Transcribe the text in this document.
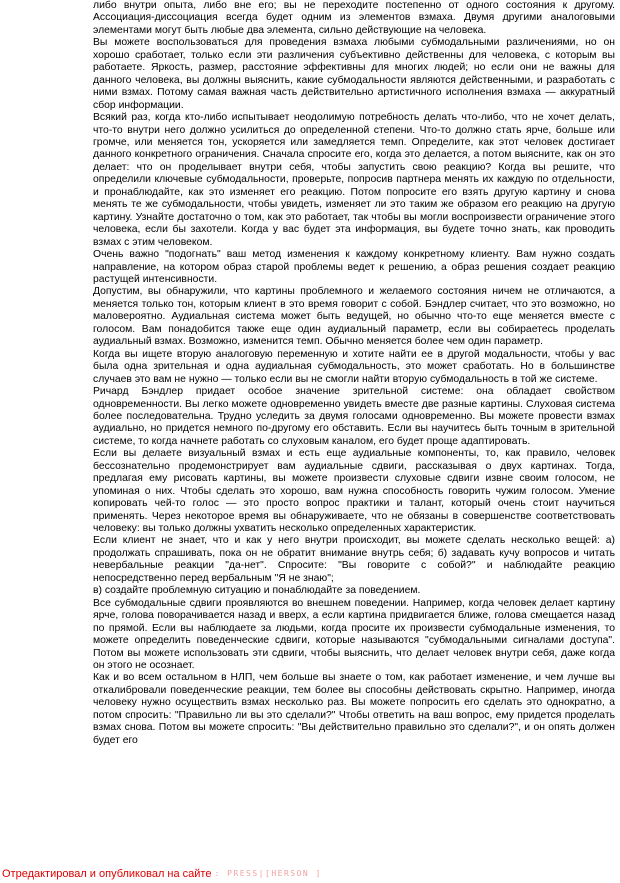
либо внутри опыта, либо вне его; вы не переходите постепенно от одного состояния к другому. Ассоциация-диссоциация всегда будет одним из элементов взмаха. Двумя другими аналоговыми элементами могут быть любые два элемента, сильно действующие на человека.

Вы можете воспользоваться для проведения взмаха любыми субмодальными различениями, но он хорошо сработает, только если эти различения субъективно действенны для человека, с которым вы работаете. Яркость, размер, расстояние эффективны для многих людей; но если они не важны для данного человека, вы должны выяснить, какие субмодальности являются действенными, и разработать с ними взмах. Потому самая важная часть действительно артистичного исполнения взмаха — аккуратный сбор информации.

Всякий раз, когда кто-либо испытывает неодолимую потребность делать что-либо, что не хочет делать, что-то внутри него должно усилиться до определенной степени. Что-то должно стать ярче, больше или громче, или меняется тон, ускоряется или замедляется темп. Определите, как этот человек достигает данного конкретного ограничения. Сначала спросите его, когда это делается, а потом выясните, как он это делает: что он проделывает внутри себя, чтобы запустить свою реакцию? Когда вы решите, что определили ключевые субмодальности, проверьте, попросив партнера менять их каждую по отдельности, и пронаблюдайте, как это изменяет его реакцию. Потом попросите его взять другую картину и снова менять те же субмодальности, чтобы увидеть, изменяет ли это таким же образом его реакцию на другую картину. Узнайте достаточно о том, как это работает, так чтобы вы могли воспроизвести ограничение этого человека, если бы захотели. Когда у вас будет эта информация, вы будете точно знать, как проводить взмах с этим человеком.

Очень важно "подогнать" ваш метод изменения к каждому конкретному клиенту. Вам нужно создать направление, на котором образ старой проблемы ведет к решению, а образ решения создает реакцию растущей интенсивности.

Допустим, вы обнаружили, что картины проблемного и желаемого состояния ничем не отличаются, а меняется только тон, которым клиент в это время говорит с собой. Бэндлер считает, что это возможно, но маловероятно. Аудиальная система может быть ведущей, но обычно что-то еще меняется вместе с голосом. Вам понадобится также еще один аудиальный параметр, если вы собираетесь проделать аудиальный взмах. Возможно, изменится темп. Обычно меняется более чем один параметр.

Когда вы ищете вторую аналоговую переменную и хотите найти ее в другой модальности, чтобы у вас была одна зрительная и одна аудиальная субмодальность, это может сработать. Но в большинстве случаев это вам не нужно — только если вы не смогли найти вторую субмодальность в той же системе.

Ричард Бэндлер придает особое значение зрительной системе: она обладает свойством одновременности. Вы легко можете одновременно увидеть вместе две разные картины. Слуховая система более последовательна. Трудно уследить за двумя голосами одновременно. Вы можете провести взмах аудиально, но придется немного по-другому его обставить. Если вы научитесь быть точным в зрительной системе, то когда начнете работать со слуховым каналом, его будет проще адаптировать.

Если вы делаете визуальный взмах и есть еще аудиальные компоненты, то, как правило, человек бессознательно продемонстрирует вам аудиальные сдвиги, рассказывая о двух картинах. Тогда, предлагая ему рисовать картины, вы можете произвести слуховые сдвиги извне своим голосом, не упоминая о них. Чтобы сделать это хорошо, вам нужна способность говорить чужим голосом. Умение копировать чей-то голос — это просто вопрос практики и талант, который очень стоит научиться применять. Через некоторое время вы обнаруживаете, что не обязаны в совершенстве соответствовать человеку: вы только должны ухватить несколько определенных характеристик.

Если клиент не знает, что и как у него внутри происходит, вы можете сделать несколько вещей: а) продолжать спрашивать, пока он не обратит внимание внутрь себя; б) задавать кучу вопросов и читать невербальные реакции "да-нет". Спросите: "Вы говорите с собой?" и наблюдайте реакцию непосредственно перед вербальным "Я не знаю";

в) создайте проблемную ситуацию и понаблюдайте за поведением.

Все субмодальные сдвиги проявляются во внешнем поведении. Например, когда человек делает картину ярче, голова поворачивается назад и вверх, а если картина придвигается ближе, голова смещается назад по прямой. Если вы наблюдаете за людьми, когда просите их произвести субмодальные изменения, то можете определить поведенческие сдвиги, которые называются "субмодальными сигналами доступа". Потом вы можете использовать эти сдвиги, чтобы выяснить, что делает человек внутри себя, даже когда он этого не осознает.

Как и во всем остальном в НЛП, чем больше вы знаете о том, как работает изменение, и чем лучше вы откалибровали поведенческие реакции, тем более вы способны действовать скрытно. Например, иногда человеку нужно осуществить взмах несколько раз. Вы можете попросить его сделать это однократно, а потом спросить: "Правильно ли вы это сделали?" Чтобы ответить на ваш вопрос, ему придется проделать взмах снова. Потом вы можете спросить: "Вы действительно правильно это сделали?", и он опять должен будет его

Отредактировал и опубликовал на сайте : PRESS|[HERSON ]
